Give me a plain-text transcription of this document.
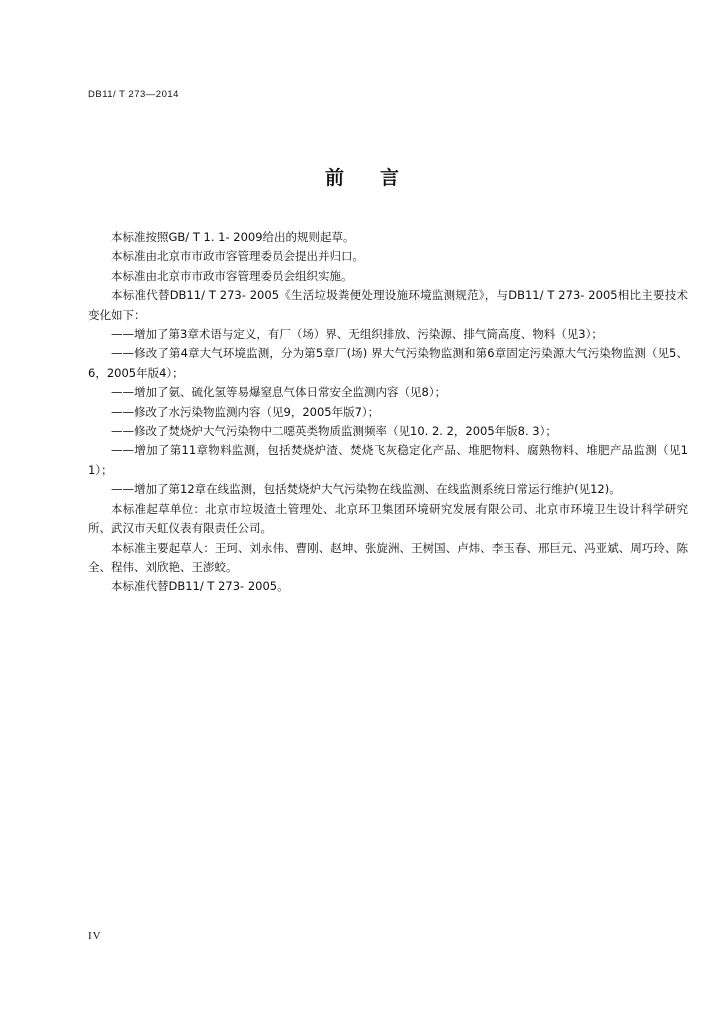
DB11/ T 273—2014
前言

本标准按照GB/ T 1. 1- 2009给出的规则起草。

本标准由北京市市政市容管理委员会提出并归口。

本标准由北京市市政市容管理委员会组织实施。

本标准代替DB11/ T 273- 2005《生活垃圾粪便处理设施环境监测规范》，与DB11/ T 273- 2005相比主要技术变化如下：

——增加了第3章术语与定义，有厂（场）界、无组织排放、污染源、排气筒高度、物料（见3）；

——修改了第4章大气环境监测，分为第5章厂(场) 界大气污染物监测和第6章固定污染源大气污染物监测（见5、6，2005年版4）；

——增加了氨、硫化氢等易爆窒息气体日常安全监测内容（见8）；

——修改了水污染物监测内容（见9，2005年版7）；

——修改了焚烧炉大气污染物中二噁英类物质监测频率（见10. 2. 2，2005年版8. 3）；

——增加了第11章物料监测，包括焚烧炉渣、焚烧飞灰稳定化产品、堆肥物料、腐熟物料、堆肥产品监测（见11）；

——增加了第12章在线监测，包括焚烧炉大气污染物在线监测、在线监测系统日常运行维护(见12)。

本标准起草单位：北京市垃圾渣土管理处、北京环卫集团环境研究发展有限公司、北京市环境卫生设计科学研究所、武汉市天虹仪表有限责任公司。

本标准主要起草人：王珂、刘永伟、曹刚、赵坤、张旋洲、王树国、卢炜、李玉春、邢巨元、冯亚斌、周巧玲、陈全、程伟、刘欣艳、王澎蛟。

本标准代替DB11/ T 273- 2005。

IV
